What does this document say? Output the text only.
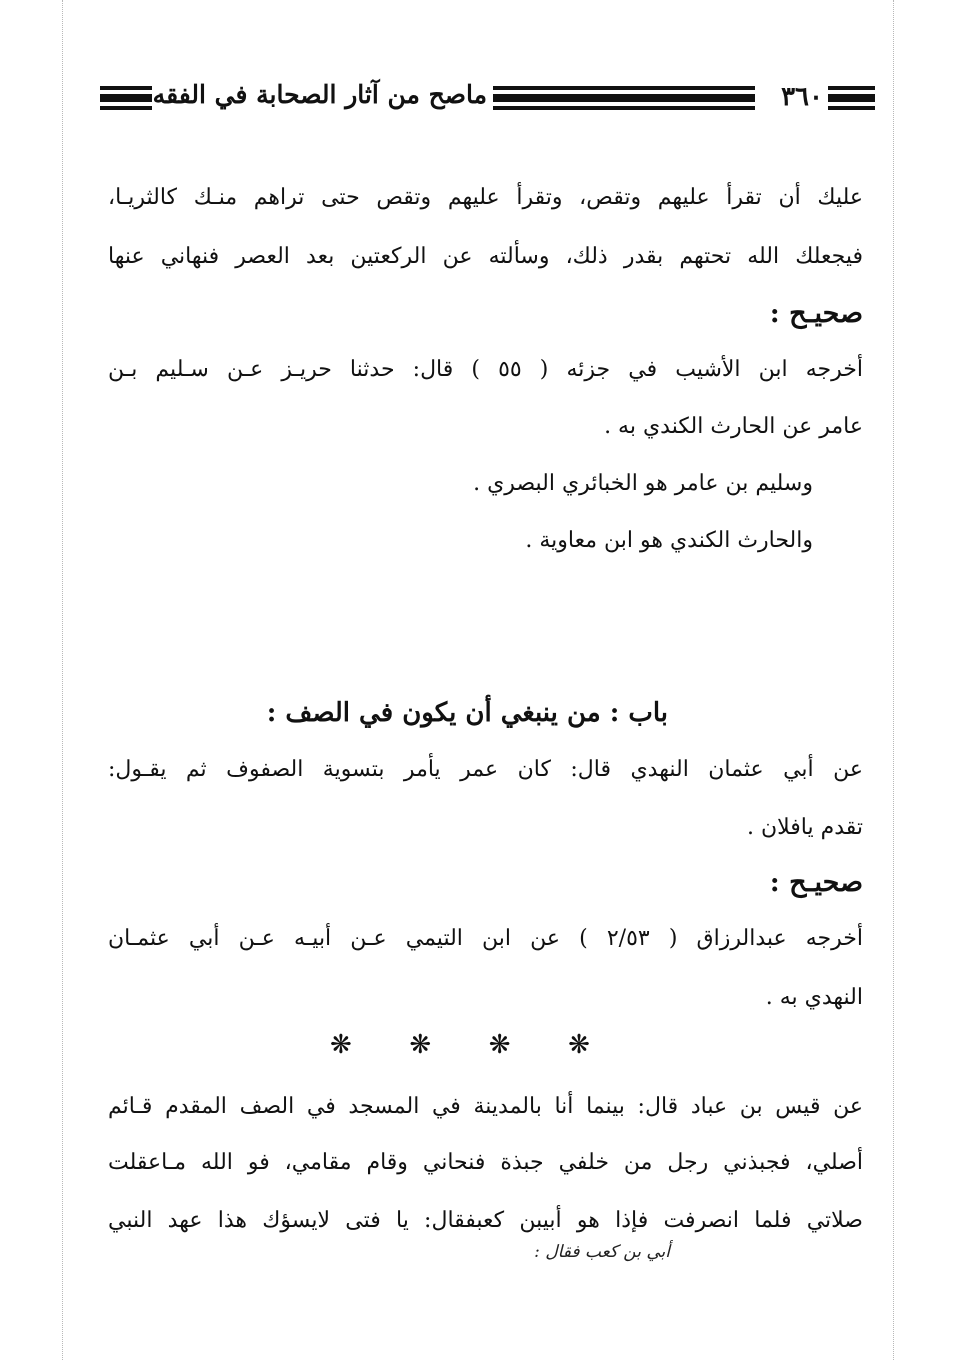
ماصح من آثار الصحابة في الفقه	٣٦٠
عليك أن تقرأ عليهم وتقص، وتقرأ عليهم وتقص حتى تراهم منـك كالثريـا،
فيجعلك الله تحتهم بقدر ذلك، وسألته عن الركعتين بعد العصر فنهاني عنها
صحيـح :
أخرجه ابن الأشيب في جزئه ( ٥٥ ) قال: حدثنا حريـز عـن سـليم بـن
عامر عن الحارث الكندي به .
وسليم بن عامر هو الخبائري البصري .
والحارث الكندي هو ابن معاوية .
باب : من ينبغي أن يكون في الصف :
عن أبي عثمان النهدي قال: كان عمر يأمر بتسوية الصفوف ثم يقـول:
تقدم يافلان .
صحيـح :
أخرجه عبدالرزاق ( ٢/٥٣ ) عن ابن التيمي عـن أبيـه عـن أبي عثمـان
النهدي به .
عن قيس بن عباد قال: بينما أنا بالمدينة في المسجد في الصف المقدم قـائم
أصلي، فجبذني رجل من خلفي جبذة فنحاني وقام مقامي، فو الله مـاعقلت
صلاتي فلما انصرفت فإذا هو أبيبن كعبفقال: يا فتى لايسؤك هذا عهد النبي
❋ ❋ ❋ ❋
أبي بن كعب فقال :
